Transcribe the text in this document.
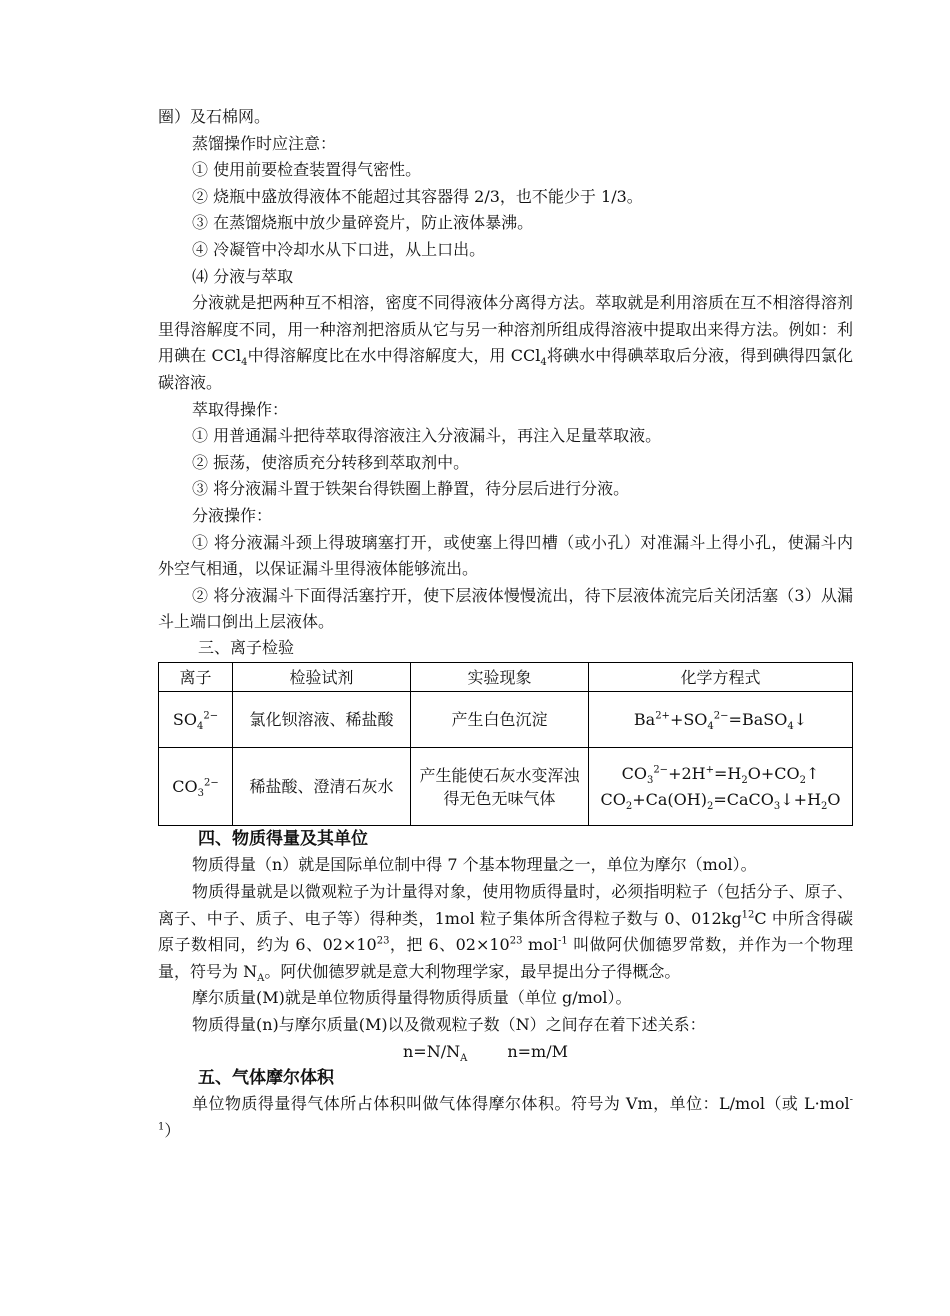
圈）及石棉网。

蒸馏操作时应注意：

① 使用前要检查装置得气密性。

② 烧瓶中盛放得液体不能超过其容器得 2/3，也不能少于 1/3。

③ 在蒸馏烧瓶中放少量碎瓷片，防止液体暴沸。

④ 冷凝管中冷却水从下口进，从上口出。

⑷ 分液与萃取

分液就是把两种互不相溶，密度不同得液体分离得方法。萃取就是利用溶质在互不相溶得溶剂里得溶解度不同，用一种溶剂把溶质从它与另一种溶剂所组成得溶液中提取出来得方法。例如：利用碘在 CCl$_4$中得溶解度比在水中得溶解度大，用 CCl$_4$将碘水中得碘萃取后分液，得到碘得四氯化碳溶液。

萃取得操作：

① 用普通漏斗把待萃取得溶液注入分液漏斗，再注入足量萃取液。

② 振荡，使溶质充分转移到萃取剂中。

③ 将分液漏斗置于铁架台得铁圈上静置，待分层后进行分液。

分液操作：

① 将分液漏斗颈上得玻璃塞打开，或使塞上得凹槽（或小孔）对准漏斗上得小孔，使漏斗内外空气相通，以保证漏斗里得液体能够流出。

② 将分液漏斗下面得活塞拧开，使下层液体慢慢流出，待下层液体流完后关闭活塞（3）从漏斗上端口倒出上层液体。

三、离子检验

离子	检验试剂	实验现象	化学方程式
$SO_4^{2-}$	氯化钡溶液、稀盐酸	产生白色沉淀	$Ba^{2+}+SO_4^{2-}=BaSO_4↓$
$CO_3^{2-}$	稀盐酸、澄清石灰水	产生能使石灰水变浑浊得无色无味气体	$CO_3^{2-}+2H^+=H_2O+CO_2↑$
$CO_2+Ca(OH)_2=CaCO_3↓+H_2O$

四、物质得量及其单位

物质得量（n）就是国际单位制中得 7 个基本物理量之一，单位为摩尔（mol）。

物质得量就是以微观粒子为计量得对象，使用物质得量时，必须指明粒子（包括分子、原子、离子、中子、质子、电子等）得种类，1mol 粒子集体所含得粒子数与 0、$012kg^{12}C$ 中所含得碳原子数相同，约为 6、$02\times 10^{23}$，把 6、$02\times 10^{23}$ mol$^{-1}$ 叫做阿伏伽德罗常数，并作为一个物理量，符号为 $N_A$。阿伏伽德罗就是意大利物理学家，最早提出分子得概念。

摩尔质量(M)就是单位物质得量得物质得质量（单位 g/mol）。

物质得量(n)与摩尔质量(M)以及微观粒子数（N）之间存在着下述关系：

$n=N/N_A$	n=m/M

五、气体摩尔体积

单位物质得量得气体所占体积叫做气体得摩尔体积。符号为 Vm，单位：L/mol（或 L·mol$^{-1}$）
